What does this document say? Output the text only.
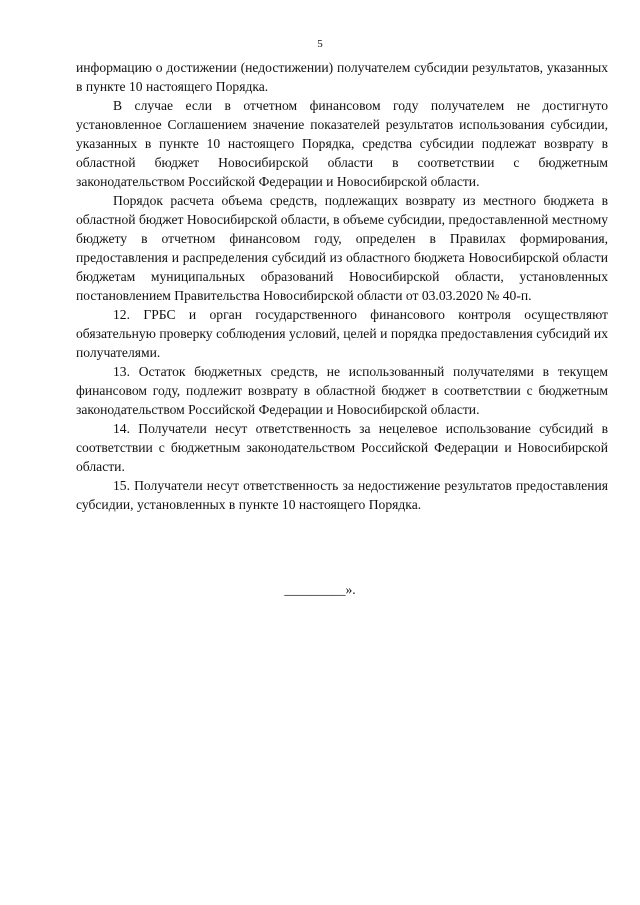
5

информацию о достижении (недостижении) получателем субсидии результатов, указанных в пункте 10 настоящего Порядка.

В случае если в отчетном финансовом году получателем не достигнуто установленное Соглашением значение показателей результатов использования субсидии, указанных в пункте 10 настоящего Порядка, средства субсидии подлежат возврату в областной бюджет Новосибирской области в соответствии с бюджетным законодательством Российской Федерации и Новосибирской области.

Порядок расчета объема средств, подлежащих возврату из местного бюджета в областной бюджет Новосибирской области, в объеме субсидии, предоставленной местному бюджету в отчетном финансовом году, определен в Правилах формирования, предоставления и распределения субсидий из областного бюджета Новосибирской области бюджетам муниципальных образований Новосибирской области, установленных постановлением Правительства Новосибирской области от 03.03.2020 № 40-п.

12. ГРБС и орган государственного финансового контроля осуществляют обязательную проверку соблюдения условий, целей и порядка предоставления субсидий их получателями.

13. Остаток бюджетных средств, не использованный получателями в текущем финансовом году, подлежит возврату в областной бюджет в соответствии с бюджетным законодательством Российской Федерации и Новосибирской области.

14. Получатели несут ответственность за нецелевое использование субсидий в соответствии с бюджетным законодательством Российской Федерации и Новосибирской области.

15. Получатели несут ответственность за недостижение результатов предоставления субсидии, установленных в пункте 10 настоящего Порядка.

_________».
